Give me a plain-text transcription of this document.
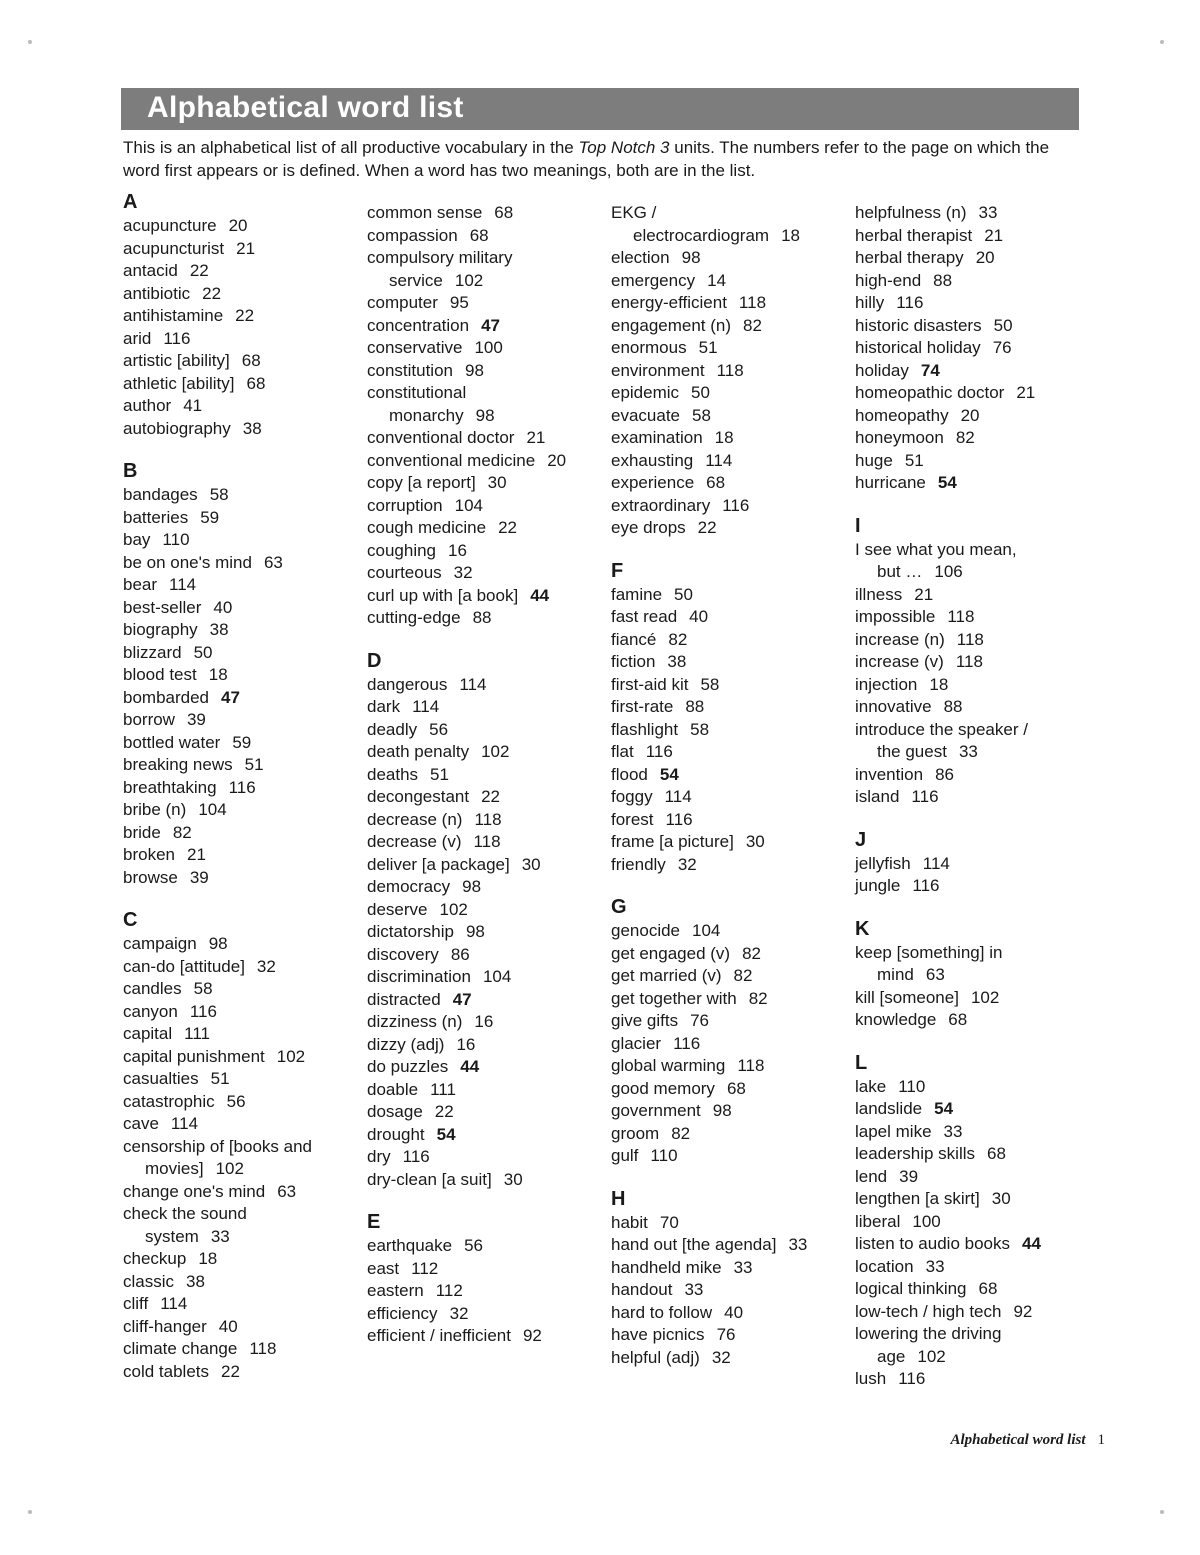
Alphabetical word list
This is an alphabetical list of all productive vocabulary in the Top Notch 3 units. The numbers refer to the page on which the word first appears or is defined. When a word has two meanings, both are in the list.
A
acupuncture 20
acupuncturist 21
antacid 22
antibiotic 22
antihistamine 22
arid 116
artistic [ability] 68
athletic [ability] 68
author 41
autobiography 38
B
bandages 58
batteries 59
bay 110
be on one's mind 63
bear 114
best-seller 40
biography 38
blizzard 50
blood test 18
bombarded 47
borrow 39
bottled water 59
breaking news 51
breathtaking 116
bribe (n) 104
bride 82
broken 21
browse 39
C
campaign 98
can-do [attitude] 32
candles 58
canyon 116
capital 111
capital punishment 102
casualties 51
catastrophic 56
cave 114
censorship of [books and
movies] 102
change one's mind 63
check the sound
system 33
checkup 18
classic 38
cliff 114
cliff-hanger 40
climate change 118
cold tablets 22
common sense 68
compassion 68
compulsory military
service 102
computer 95
concentration 47
conservative 100
constitution 98
constitutional
monarchy 98
conventional doctor 21
conventional medicine 20
copy [a report] 30
corruption 104
cough medicine 22
coughing 16
courteous 32
curl up with [a book] 44
cutting-edge 88
D
dangerous 114
dark 114
deadly 56
death penalty 102
deaths 51
decongestant 22
decrease (n) 118
decrease (v) 118
deliver [a package] 30
democracy 98
deserve 102
dictatorship 98
discovery 86
discrimination 104
distracted 47
dizziness (n) 16
dizzy (adj) 16
do puzzles 44
doable 111
dosage 22
drought 54
dry 116
dry-clean [a suit] 30
E
earthquake 56
east 112
eastern 112
efficiency 32
efficient / inefficient 92
EKG /
electrocardiogram 18
election 98
emergency 14
energy-efficient 118
engagement (n) 82
enormous 51
environment 118
epidemic 50
evacuate 58
examination 18
exhausting 114
experience 68
extraordinary 116
eye drops 22
F
famine 50
fast read 40
fiancé 82
fiction 38
first-aid kit 58
first-rate 88
flashlight 58
flat 116
flood 54
foggy 114
forest 116
frame [a picture] 30
friendly 32
G
genocide 104
get engaged (v) 82
get married (v) 82
get together with 82
give gifts 76
glacier 116
global warming 118
good memory 68
government 98
groom 82
gulf 110
H
habit 70
hand out [the agenda] 33
handheld mike 33
handout 33
hard to follow 40
have picnics 76
helpful (adj) 32
helpfulness (n) 33
herbal therapist 21
herbal therapy 20
high-end 88
hilly 116
historic disasters 50
historical holiday 76
holiday 74
homeopathic doctor 21
homeopathy 20
honeymoon 82
huge 51
hurricane 54
I
I see what you mean,
but … 106
illness 21
impossible 118
increase (n) 118
increase (v) 118
injection 18
innovative 88
introduce the speaker /
the guest 33
invention 86
island 116
J
jellyfish 114
jungle 116
K
keep [something] in
mind 63
kill [someone] 102
knowledge 68
L
lake 110
landslide 54
lapel mike 33
leadership skills 68
lend 39
lengthen [a skirt] 30
liberal 100
listen to audio books 44
location 33
logical thinking 68
low-tech / high tech 92
lowering the driving
age 102
lush 116
Alphabetical word list 1
